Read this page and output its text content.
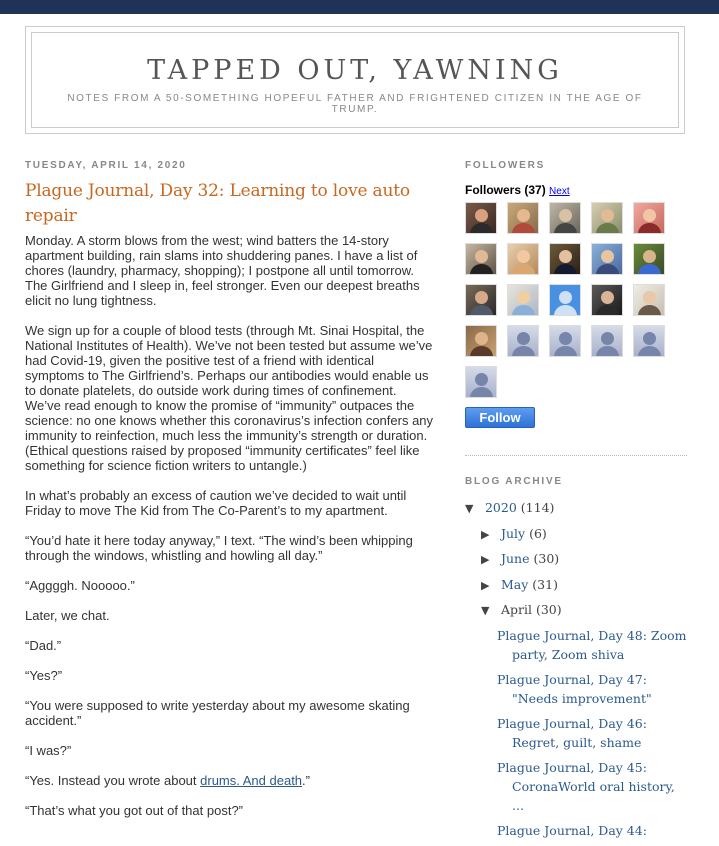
TAPPED OUT, YAWNING
NOTES FROM A 50-SOMETHING HOPEFUL FATHER AND FRIGHTENED CITIZEN IN THE AGE OF TRUMP.
TUESDAY, APRIL 14, 2020
Plague Journal, Day 32: Learning to love auto repair

Monday. A storm blows from the west; wind batters the 14-story apartment building, rain slams into shuddering panes. I have a list of chores (laundry, pharmacy, shopping); I postpone all until tomorrow. The Girlfriend and I sleep in, feel stronger. Even our deepest breaths elicit no lung tightness.

We sign up for a couple of blood tests (through Mt. Sinai Hospital, the National Institutes of Health). We’ve not been tested but assume we’ve had Covid-19, given the positive test of a friend with identical symptoms to The Girlfriend’s. Perhaps our antibodies would enable us to donate platelets, do outside work during times of confinement. We’ve read enough to know the promise of “immunity” outpaces the science: no one knows whether this coronavirus’s infection confers any immunity to reinfection, much less the immunity’s strength or duration. (Ethical questions raised by proposed “immunity certificates” feel like something for science fiction writers to untangle.)

In what’s probably an excess of caution we’ve decided to wait until Friday to move The Kid from The Co-Parent’s to my apartment.

“You’d hate it here today anyway,” I text. “The wind’s been whipping through the windows, whistling and howling all day.”

“Aggggh. Nooooo.”

Later, we chat.

“Dad.”

“Yes?”

“You were supposed to write yesterday about my awesome skating accident.”

“I was?”

“Yes. Instead you wrote about drums. And death.”

“That’s what you got out of that post?”

FOLLOWERS
Followers (37) Next
Follow
BLOG ARCHIVE
▼ 2020 (114)
▶ July (6)
▶ June (30)
▶ May (31)
▼ April (30)
Plague Journal, Day 48: Zoom party, Zoom shiva
Plague Journal, Day 47: "Needs improvement"
Plague Journal, Day 46: Regret, guilt, shame
Plague Journal, Day 45: CoronaWorld oral history, ...
Plague Journal, Day 44:
